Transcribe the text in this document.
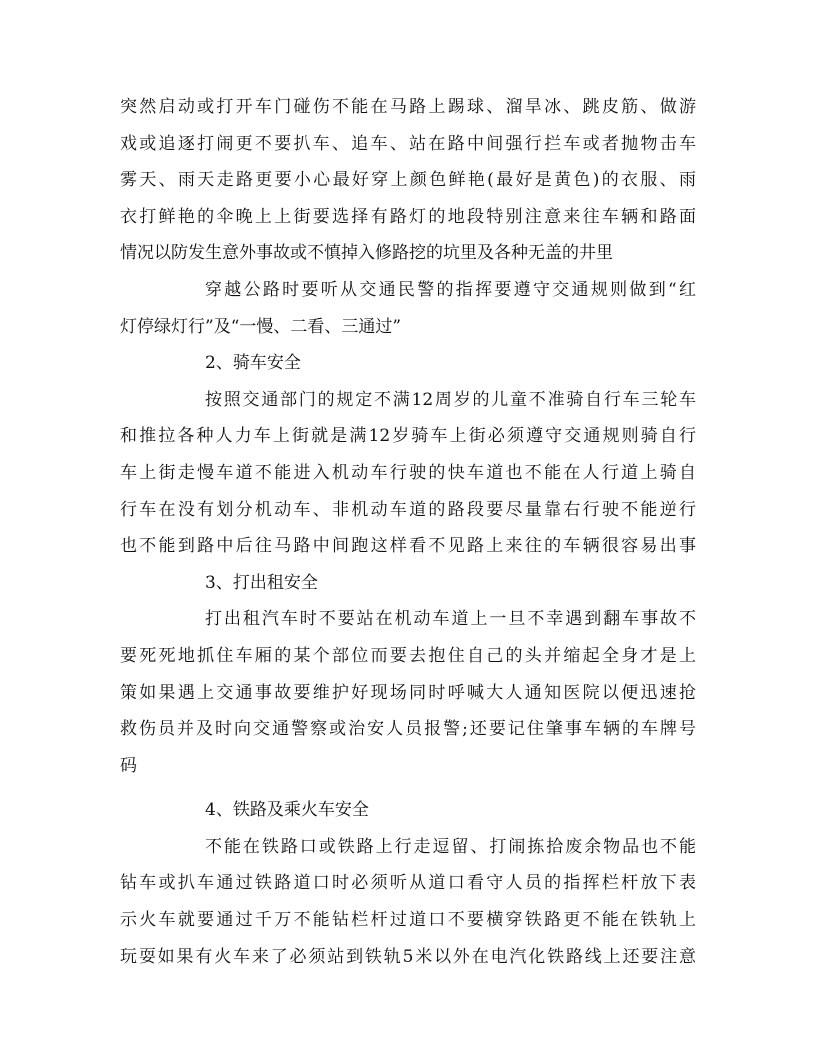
突然启动或打开车门碰伤不能在马路上踢球、溜旱冰、跳皮筋、做游
戏或追逐打闹更不要扒车、追车、站在路中间强行拦车或者抛物击车
雾天、雨天走路更要小心最好穿上颜色鲜艳(最好是黄色)的衣服、雨
衣打鲜艳的伞晚上上街要选择有路灯的地段特别注意来往车辆和路面
情况以防发生意外事故或不慎掉入修路挖的坑里及各种无盖的井里
穿越公路时要听从交通民警的指挥要遵守交通规则做到“红
灯停绿灯行”及“一慢、二看、三通过”
2、骑车安全
按照交通部门的规定不满12周岁的儿童不准骑自行车三轮车
和推拉各种人力车上街就是满12岁骑车上街必须遵守交通规则骑自行
车上街走慢车道不能进入机动车行驶的快车道也不能在人行道上骑自
行车在没有划分机动车、非机动车道的路段要尽量靠右行驶不能逆行
也不能到路中后往马路中间跑这样看不见路上来往的车辆很容易出事
3、打出租安全
打出租汽车时不要站在机动车道上一旦不幸遇到翻车事故不
要死死地抓住车厢的某个部位而要去抱住自己的头并缩起全身才是上
策如果遇上交通事故要维护好现场同时呼喊大人通知医院以便迅速抢
救伤员并及时向交通警察或治安人员报警;还要记住肇事车辆的车牌号
码
4、铁路及乘火车安全
不能在铁路口或铁路上行走逗留、打闹拣拾废余物品也不能
钻车或扒车通过铁路道口时必须听从道口看守人员的指挥栏杆放下表
示火车就要通过千万不能钻栏杆过道口不要横穿铁路更不能在铁轨上
玩耍如果有火车来了必须站到铁轨5米以外在电汽化铁路线上还要注意
